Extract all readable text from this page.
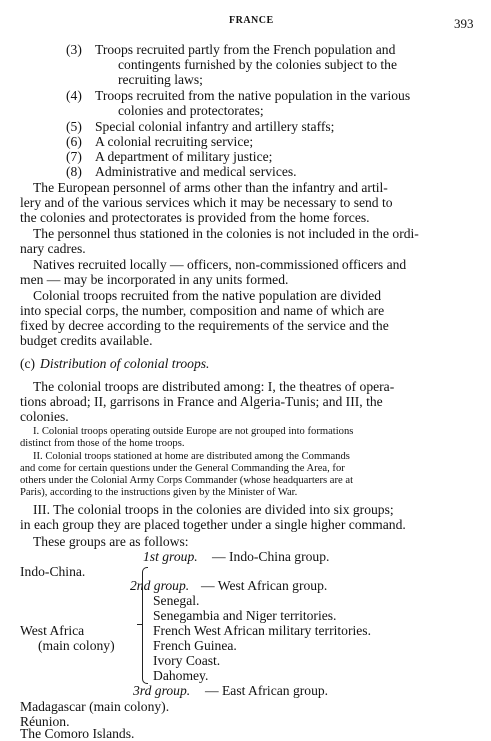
FRANCE	393
(3) Troops recruited partly from the French population and
contingents furnished by the colonies subject to the
recruiting laws;
(4) Troops recruited from the native population in the various
colonies and protectorates;
(5) Special colonial infantry and artillery staffs;
(6) A colonial recruiting service;
(7) A department of military justice;
(8) Administrative and medical services.
The European personnel of arms other than the infantry and artil-
lery and of the various services which it may be necessary to send to
the colonies and protectorates is provided from the home forces.
The personnel thus stationed in the colonies is not included in the ordi-
nary cadres.
Natives recruited locally — officers, non-commissioned officers and
men — may be incorporated in any units formed.
Colonial troops recruited from the native population are divided
into special corps, the number, composition and name of which are
fixed by decree according to the requirements of the service and the
budget credits available.
(c) Distribution of colonial troops.
The colonial troops are distributed among: I, the theatres of opera-
tions abroad; II, garrisons in France and Algeria-Tunis; and III, the
colonies.
I. Colonial troops operating outside Europe are not grouped into formations
distinct from those of the home troops.
II. Colonial troops stationed at home are distributed among the Commands
and come for certain questions under the General Commanding the Area, for
others under the Colonial Army Corps Commander (whose headquarters are at
Paris), according to the instructions given by the Minister of War.
III. The colonial troops in the colonies are divided into six groups;
in each group they are placed together under a single higher command.
These groups are as follows:
1st group. — Indo-China group.
Indo-China.
2nd group. — West African group.
Senegal.
Senegambia and Niger territories.
French West African military territories.
French Guinea.
Ivory Coast.
Dahomey.
West Africa
(main colony)
3rd group. — East African group.
Madagascar (main colony).
Réunion.
The Comoro Islands.
